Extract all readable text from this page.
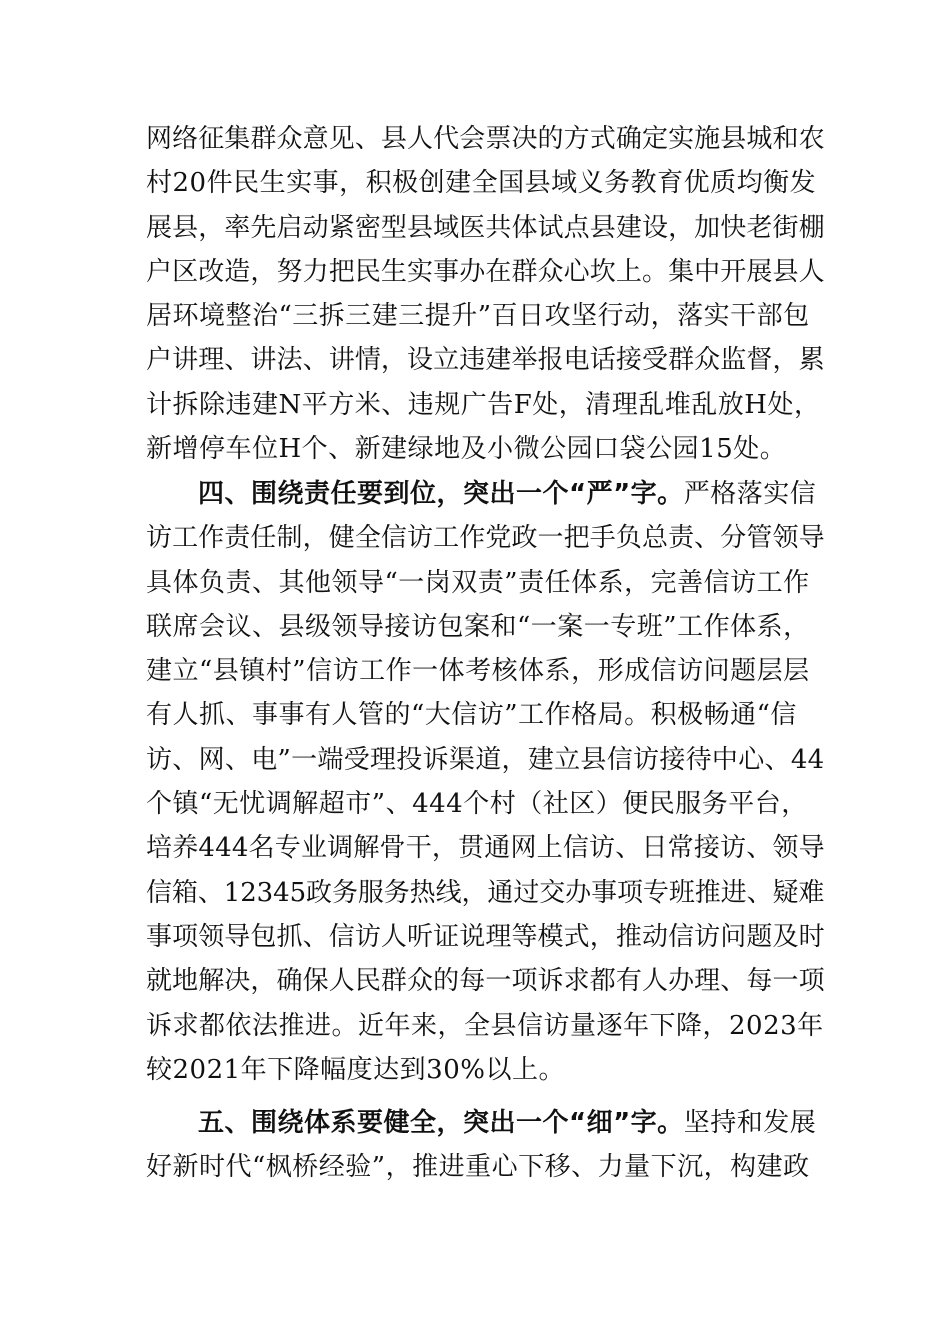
网络征集群众意见、县人代会票决的方式确定实施县城和农
村20件民生实事，积极创建全国县域义务教育优质均衡发
展县，率先启动紧密型县域医共体试点县建设，加快老街棚
户区改造，努力把民生实事办在群众心坎上。集中开展县人
居环境整治“三拆三建三提升”百日攻坚行动，落实干部包
户讲理、讲法、讲情，设立违建举报电话接受群众监督，累
计拆除违建N平方米、违规广告F处，清理乱堆乱放H处，
新增停车位H个、新建绿地及小微公园口袋公园15处。
四、围绕责任要到位，突出一个“严”字。严格落实信
访工作责任制，健全信访工作党政一把手负总责、分管领导
具体负责、其他领导“一岗双责”责任体系，完善信访工作
联席会议、县级领导接访包案和“一案一专班”工作体系，
建立“县镇村”信访工作一体考核体系，形成信访问题层层
有人抓、事事有人管的“大信访”工作格局。积极畅通“信
访、网、电”一端受理投诉渠道，建立县信访接待中心、44
个镇“无忧调解超市”、444个村（社区）便民服务平台，
培养444名专业调解骨干，贯通网上信访、日常接访、领导
信箱、12345政务服务热线，通过交办事项专班推进、疑难
事项领导包抓、信访人听证说理等模式，推动信访问题及时
就地解决，确保人民群众的每一项诉求都有人办理、每一项
诉求都依法推进。近年来，全县信访量逐年下降，2023年
较2021年下降幅度达到30%以上。
五、围绕体系要健全，突出一个“细”字。坚持和发展
好新时代“枫桥经验”，推进重心下移、力量下沉，构建政
